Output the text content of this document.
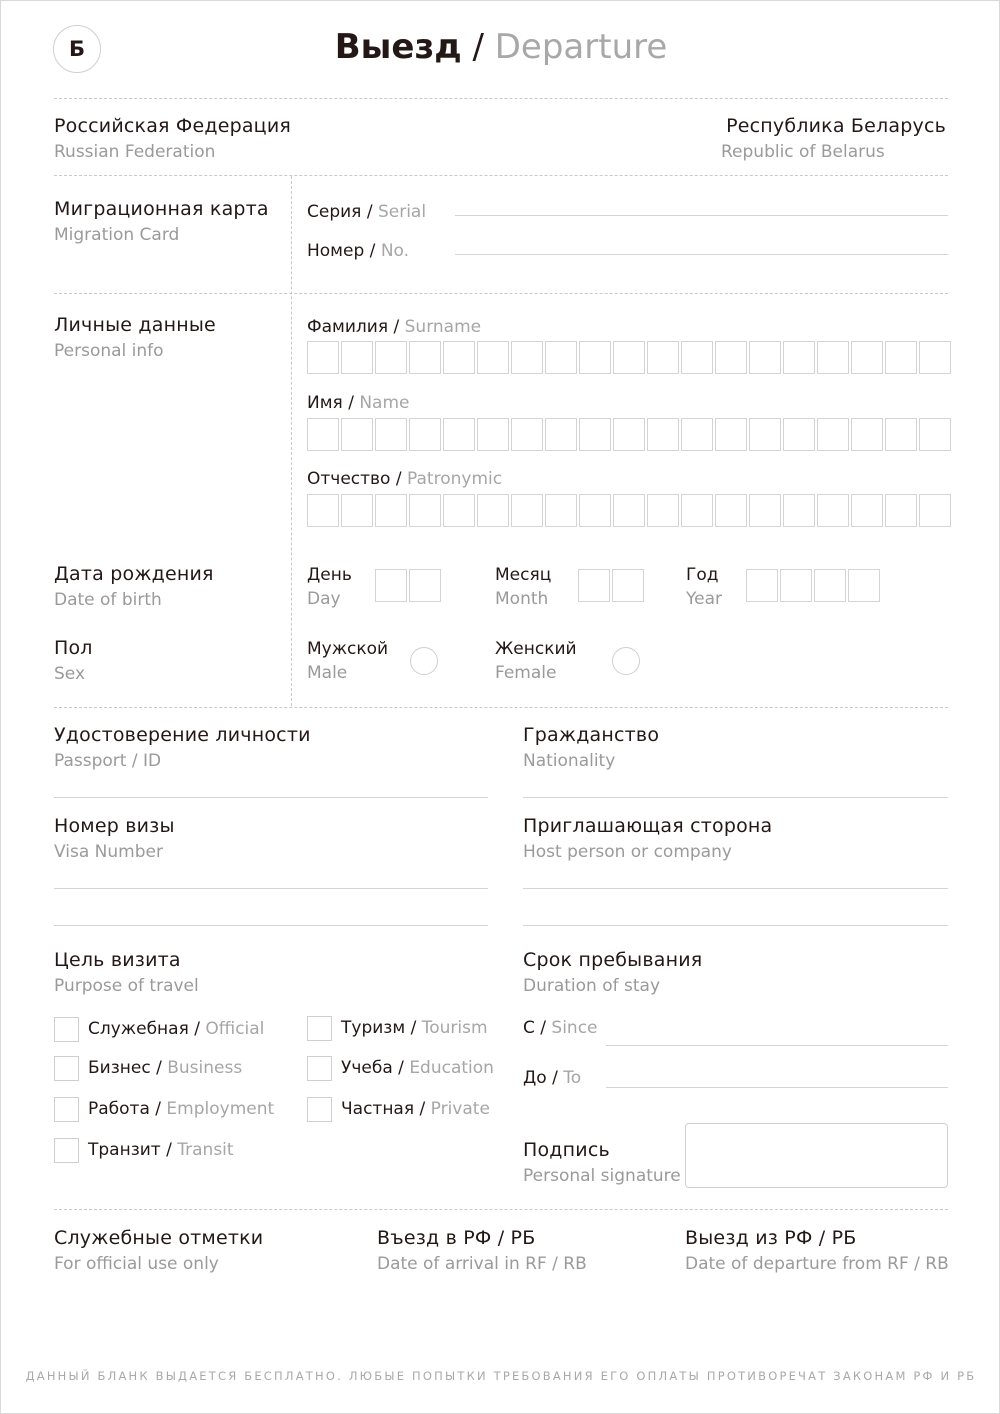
Б	Выезд / Departure
Российская Федерация
Russian Federation
Республика Беларусь
Republic of Belarus
Миграционная карта
Migration Card
Серия / Serial
Номер / No.
Личные данные
Personal info
Фамилия / Surname
Имя / Name
Отчество / Patronymic
Дата рождения
Date of birth
День
Day
Месяц
Month
Год
Year
Пол
Sex
Мужской
Male
Женский
Female
Удостоверение личности
Passport / ID
Гражданство
Nationality
Номер визы
Visa Number
Приглашающая сторона
Host person or company
Цель визита
Purpose of travel
Служебная / Official
Бизнес / Business
Работа / Employment
Транзит / Transit
Туризм / Tourism
Учеба / Education
Частная / Private
Срок пребывания
Duration of stay
С / Since
До / To
Подпись
Personal signature
Служебные отметки
For official use only
Въезд в РФ / РБ
Date of arrival in RF / RB
Выезд из РФ / РБ
Date of departure from RF / RB
ДАННЫЙ БЛАНК ВЫДАЕТСЯ БЕСПЛАТНО. ЛЮБЫЕ ПОПЫТКИ ТРЕБОВАНИЯ ЕГО ОПЛАТЫ ПРОТИВОРЕЧАТ ЗАКОНАМ РФ И РБ
